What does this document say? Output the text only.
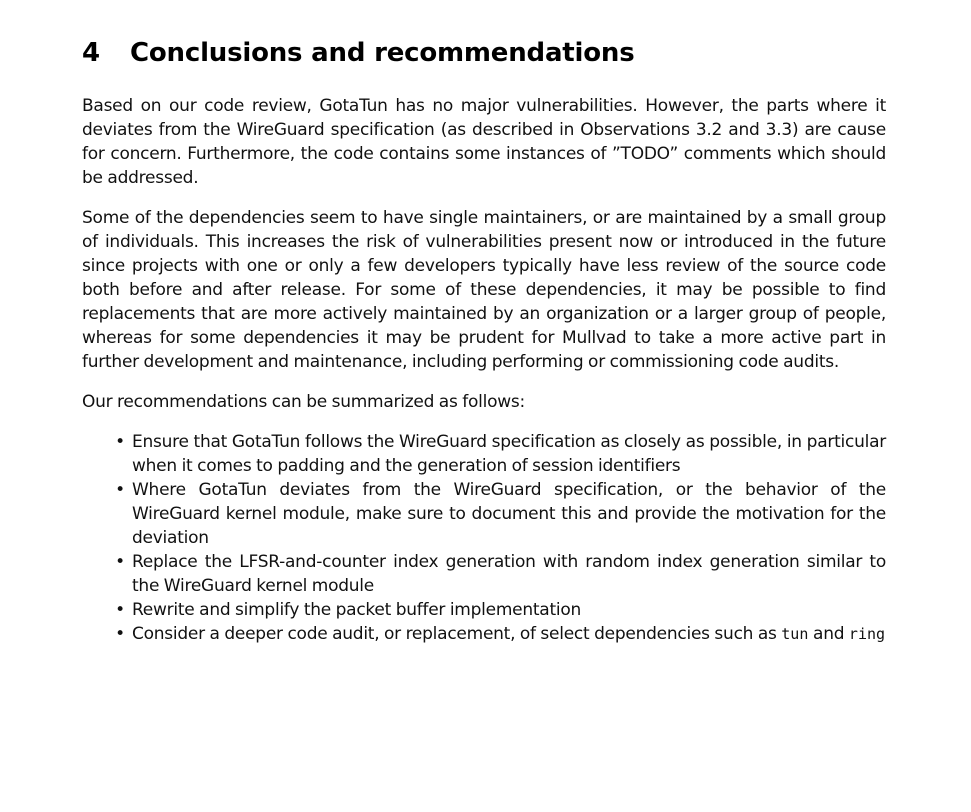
4	Conclusions and recommendations

Based on our code review, GotaTun has no major vulnerabilities. However, the parts where it deviates from the WireGuard specification (as described in Observations 3.2 and 3.3) are cause for concern. Furthermore, the code contains some instances of ”TODO” comments which should be addressed.

Some of the dependencies seem to have single maintainers, or are maintained by a small group of individuals. This increases the risk of vulnerabilities present now or introduced in the future since projects with one or only a few developers typically have less review of the source code both before and after release. For some of these dependencies, it may be possible to find replacements that are more actively maintained by an organization or a larger group of people, whereas for some dependencies it may be prudent for Mullvad to take a more active part in further development and maintenance, including performing or commissioning code audits.

Our recommendations can be summarized as follows:

• Ensure that GotaTun follows the WireGuard specification as closely as possible, in particular when it comes to padding and the generation of session identifiers
• Where GotaTun deviates from the WireGuard specification, or the behavior of the WireGuard kernel module, make sure to document this and provide the motivation for the deviation
• Replace the LFSR-and-counter index generation with random index generation similar to the WireGuard kernel module
• Rewrite and simplify the packet buffer implementation
• Consider a deeper code audit, or replacement, of select dependencies such as tun and ring
